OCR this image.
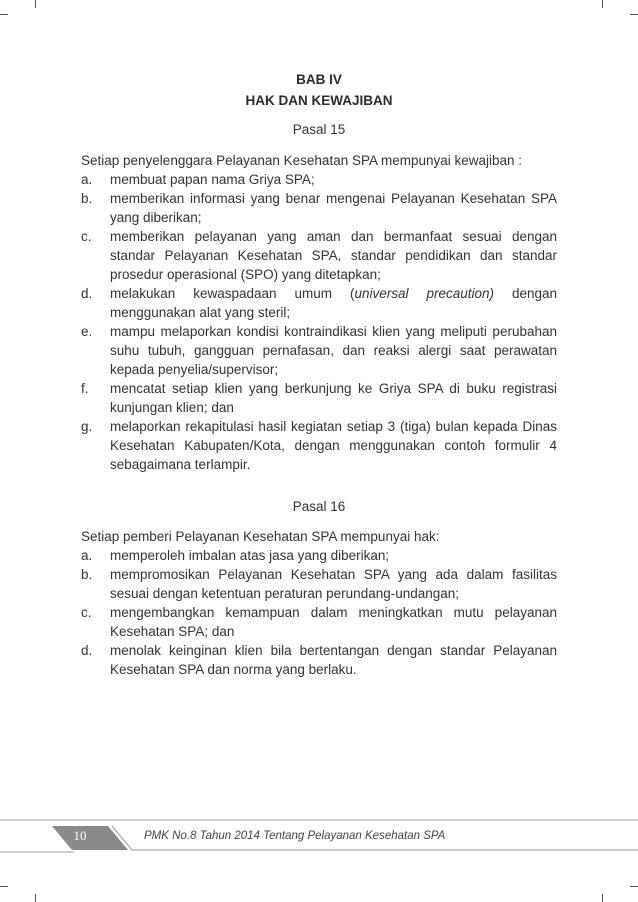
BAB IV
HAK DAN KEWAJIBAN
Pasal 15
Setiap penyelenggara Pelayanan Kesehatan SPA mempunyai kewajiban :
a.	membuat papan nama Griya SPA;
b.	memberikan informasi yang benar mengenai Pelayanan Kesehatan SPA yang diberikan;
c.	memberikan pelayanan yang aman dan bermanfaat sesuai dengan standar Pelayanan Kesehatan SPA, standar pendidikan dan standar prosedur operasional (SPO) yang ditetapkan;
d.	melakukan kewaspadaan umum (universal precaution) dengan menggunakan alat yang steril;
e.	mampu melaporkan kondisi kontraindikasi klien yang meliputi perubahan suhu tubuh, gangguan pernafasan, dan reaksi alergi saat perawatan kepada penyelia/supervisor;
f.	mencatat setiap klien yang berkunjung ke Griya SPA di buku registrasi kunjungan klien; dan
g.	melaporkan rekapitulasi hasil kegiatan setiap 3 (tiga) bulan kepada Dinas Kesehatan Kabupaten/Kota, dengan menggunakan contoh formulir 4 sebagaimana terlampir.
Pasal 16
Setiap pemberi Pelayanan Kesehatan SPA mempunyai hak:
a.	memperoleh imbalan atas jasa yang diberikan;
b.	mempromosikan Pelayanan Kesehatan SPA yang ada dalam fasilitas sesuai dengan ketentuan peraturan perundang-undangan;
c.	mengembangkan kemampuan dalam meningkatkan mutu pelayanan Kesehatan SPA; dan
d.	menolak keinginan klien bila bertentangan dengan standar Pelayanan Kesehatan SPA dan norma yang berlaku.
10	PMK No.8 Tahun 2014 Tentang Pelayanan Kesehatan SPA
